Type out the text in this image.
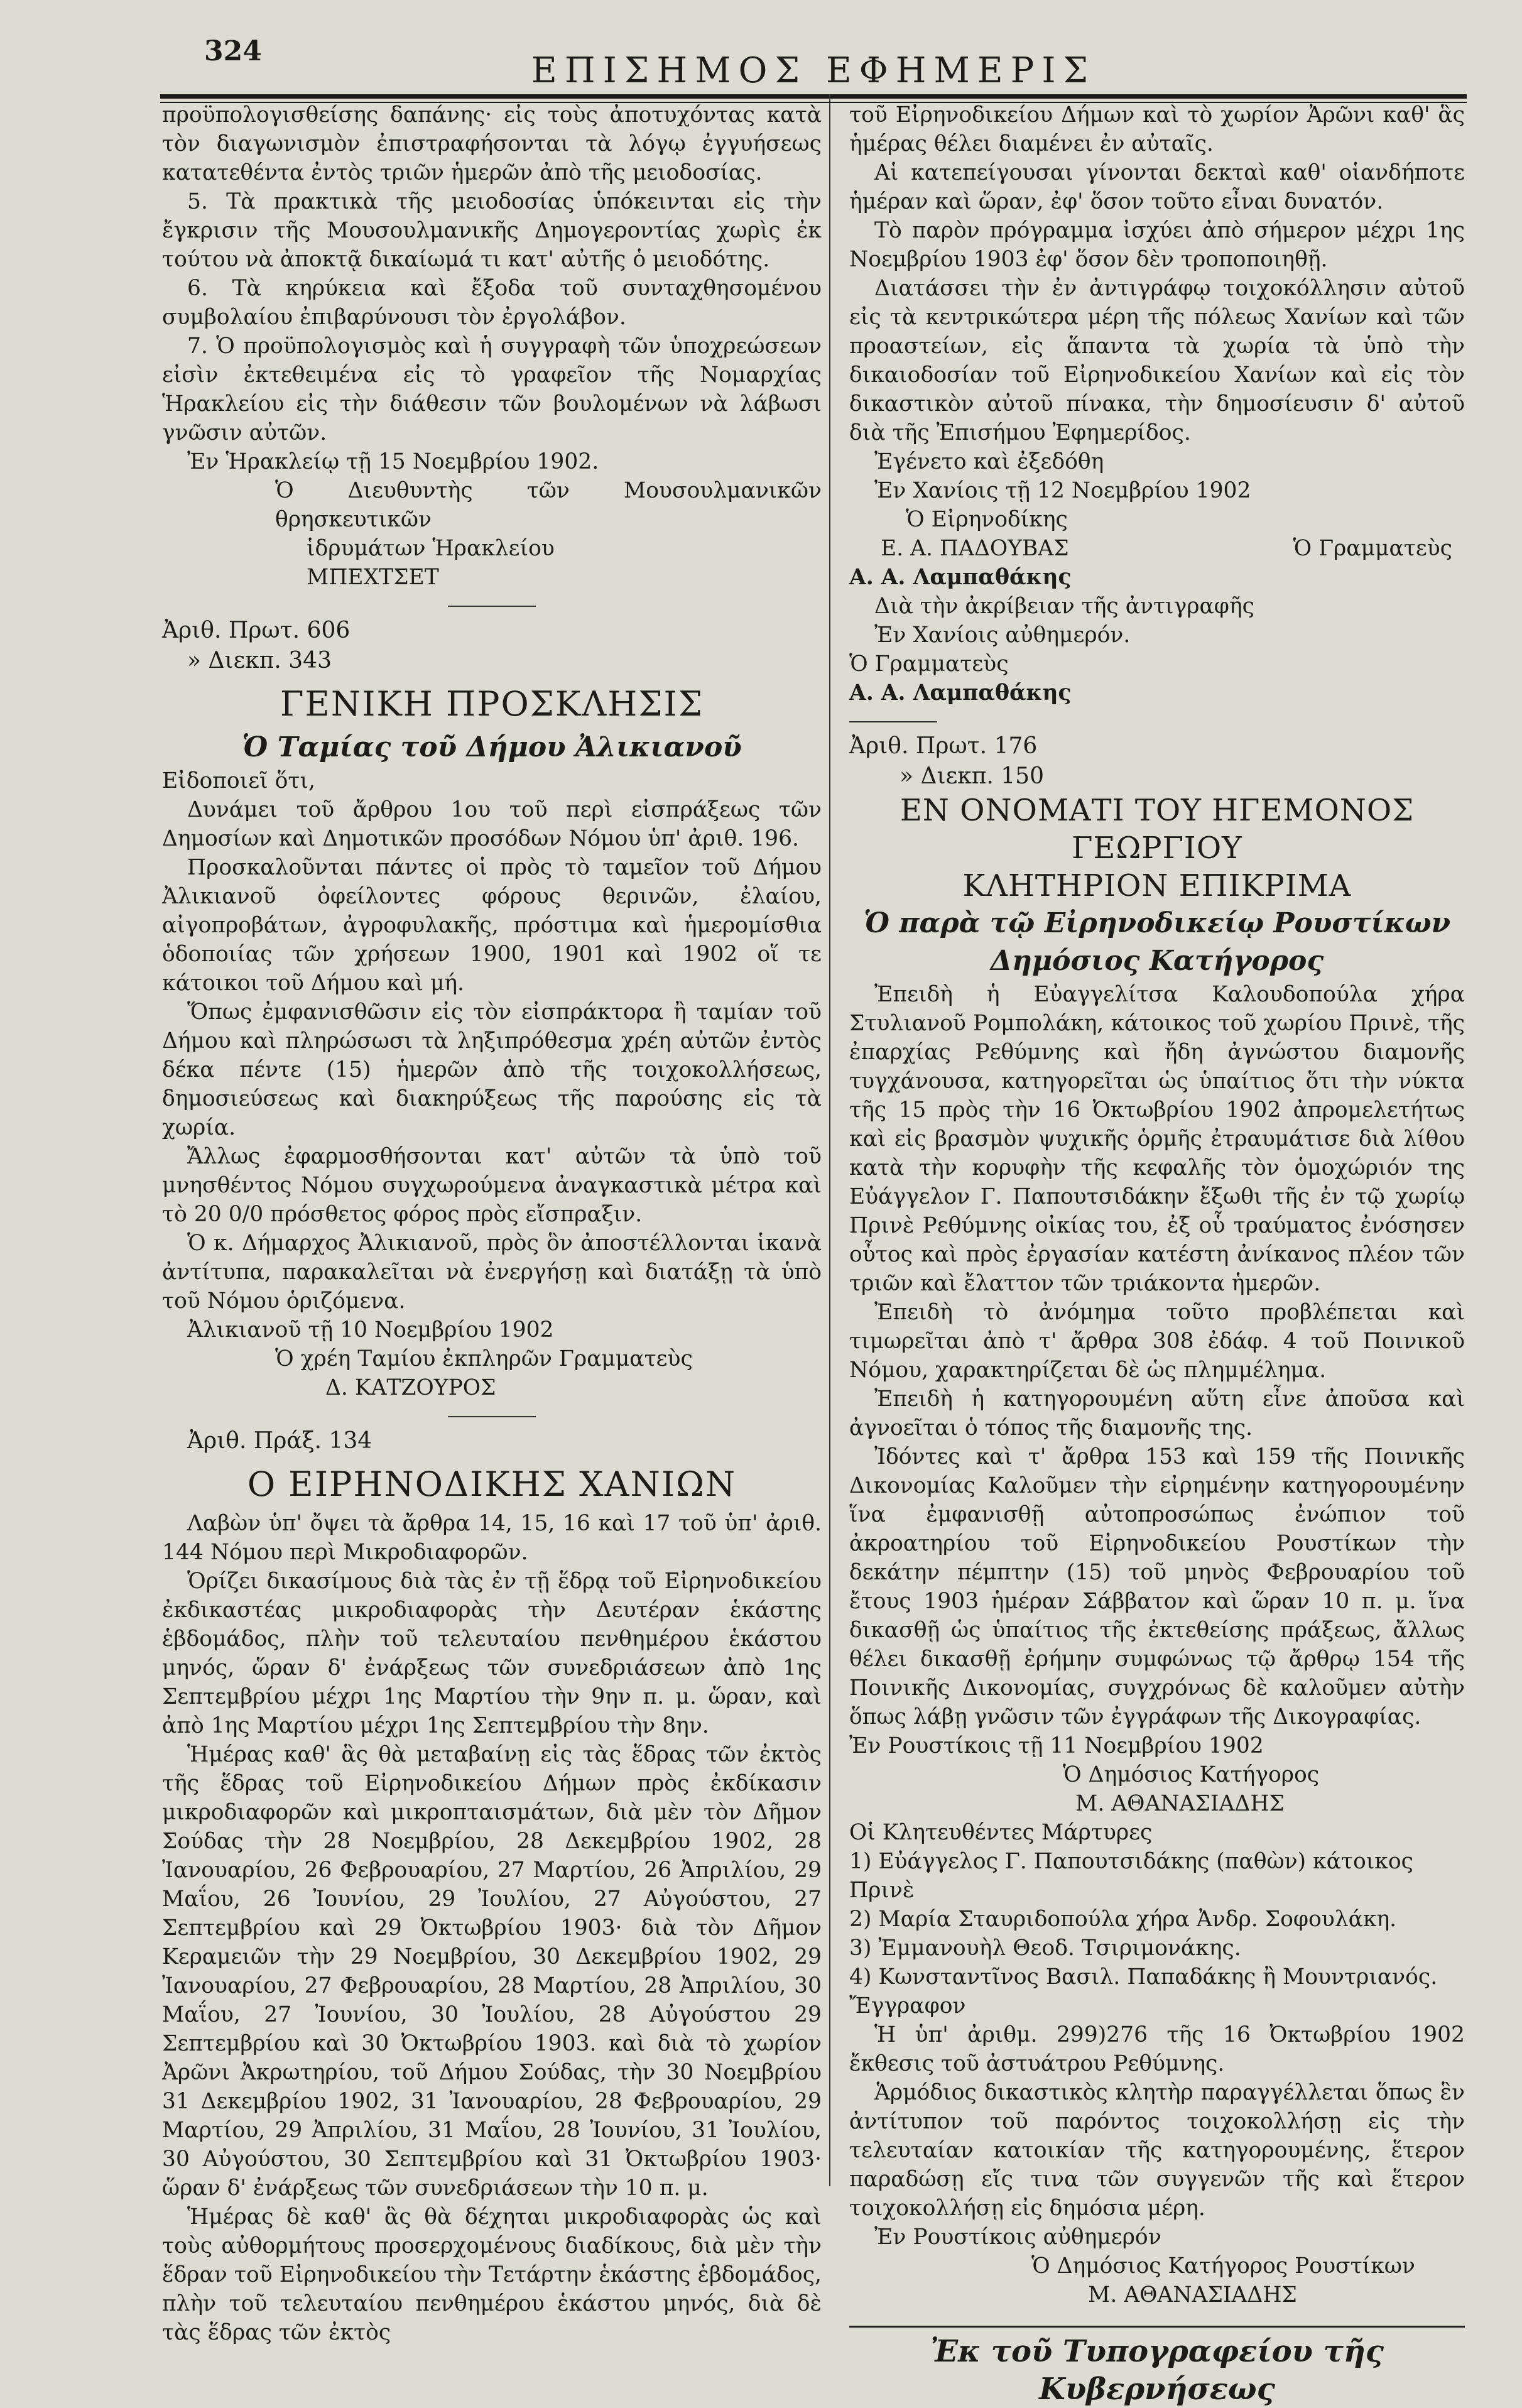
324	ΕΠΙΣΗΜΟΣ ΕΦΗΜΕΡΙΣ

προϋπολογισθείσης δαπάνης· εἰς τοὺς ἀποτυχόντας κατὰ τὸν διαγωνισμὸν ἐπιστραφήσονται τὰ λόγῳ ἐγγυήσεως κατατεθέντα ἐντὸς τριῶν ἡμερῶν ἀπὸ τῆς μειοδοσίας.

5. Τὰ πρακτικὰ τῆς μειοδοσίας ὑπόκεινται εἰς τὴν ἔγκρισιν τῆς Μουσουλμανικῆς Δημογεροντίας χωρὶς ἐκ τούτου νὰ ἀποκτᾷ δικαίωμά τι κατ' αὐτῆς ὁ μειοδότης.

6. Τὰ κηρύκεια καὶ ἔξοδα τοῦ συνταχθησομένου συμβολαίου ἐπιβαρύνουσι τὸν ἐργολάβον.

7. Ὁ προϋπολογισμὸς καὶ ἡ συγγραφὴ τῶν ὑποχρεώσεων εἰσὶν ἐκτεθειμένα εἰς τὸ γραφεῖον τῆς Νομαρχίας Ἡρακλείου εἰς τὴν διάθεσιν τῶν βουλομένων νὰ λάβωσι γνῶσιν αὐτῶν.

Ἐν Ἡρακλείῳ τῇ 15 Νοεμβρίου 1902.

Ὁ Διευθυντὴς τῶν Μουσουλμανικῶν θρησκευτικῶν

ἱδρυμάτων Ἡρακλείου

ΜΠΕΧΤΣΕΤ

Ἀριθ. Πρωτ. 606

» Διεκπ. 343

ΓΕΝΙΚΗ ΠΡΟΣΚΛΗΣΙΣ
Ὁ Ταμίας τοῦ Δήμου Ἀλικιανοῦ

Εἰδοποιεῖ ὅτι,

Δυνάμει τοῦ ἄρθρου 1ου τοῦ περὶ εἰσπράξεως τῶν Δημοσίων καὶ Δημοτικῶν προσόδων Νόμου ὑπ' ἀριθ. 196.

Προσκαλοῦνται πάντες οἱ πρὸς τὸ ταμεῖον τοῦ Δήμου Ἀλικιανοῦ ὀφείλοντες φόρους θερινῶν, ἐλαίου, αἰγοπροβάτων, ἀγροφυλακῆς, πρόστιμα καὶ ἡμερομίσθια ὁδοποιίας τῶν χρήσεων 1900, 1901 καὶ 1902 οἵ τε κάτοικοι τοῦ Δήμου καὶ μή.

Ὅπως ἐμφανισθῶσιν εἰς τὸν εἰσπράκτορα ἢ ταμίαν τοῦ Δήμου καὶ πληρώσωσι τὰ ληξιπρόθεσμα χρέη αὐτῶν ἐντὸς δέκα πέντε (15) ἡμερῶν ἀπὸ τῆς τοιχοκολλήσεως, δημοσιεύσεως καὶ διακηρύξεως τῆς παρούσης εἰς τὰ χωρία.

Ἄλλως ἐφαρμοσθήσονται κατ' αὐτῶν τὰ ὑπὸ τοῦ μνησθέντος Νόμου συγχωρούμενα ἀναγκαστικὰ μέτρα καὶ τὸ 20 0/0 πρόσθετος φόρος πρὸς εἴσπραξιν.

Ὁ κ. Δήμαρχος Ἀλικιανοῦ, πρὸς ὃν ἀποστέλλονται ἱκανὰ ἀντίτυπα, παρακαλεῖται νὰ ἐνεργήσῃ καὶ διατάξῃ τὰ ὑπὸ τοῦ Νόμου ὁριζόμενα.

Ἀλικιανοῦ τῇ 10 Νοεμβρίου 1902

Ὁ χρέη Ταμίου ἐκπληρῶν Γραμματεὺς

Δ. ΚΑΤΖΟΥΡΟΣ

Ἀριθ. Πράξ. 134

Ο ΕΙΡΗΝΟΔΙΚΗΣ ΧΑΝΙΩΝ

Λαβὼν ὑπ' ὄψει τὰ ἄρθρα 14, 15, 16 καὶ 17 τοῦ ὑπ' ἀριθ. 144 Νόμου περὶ Μικροδιαφορῶν.

Ὁρίζει δικασίμους διὰ τὰς ἐν τῇ ἕδρᾳ τοῦ Εἰρηνοδικείου ἐκδικαστέας μικροδιαφορὰς τὴν Δευτέραν ἑκάστης ἑβδομάδος, πλὴν τοῦ τελευταίου πενθημέρου ἑκάστου μηνός, ὥραν δ' ἐνάρξεως τῶν συνεδριάσεων ἀπὸ 1ης Σεπτεμβρίου μέχρι 1ης Μαρτίου τὴν 9ην π. μ. ὥραν, καὶ ἀπὸ 1ης Μαρτίου μέχρι 1ης Σεπτεμβρίου τὴν 8ην.

Ἡμέρας καθ' ἃς θὰ μεταβαίνῃ εἰς τὰς ἕδρας τῶν ἐκτὸς τῆς ἕδρας τοῦ Εἰρηνοδικείου Δήμων πρὸς ἐκδίκασιν μικροδιαφορῶν καὶ μικροπταισμάτων, διὰ μὲν τὸν Δῆμον Σούδας τὴν 28 Νοεμβρίου, 28 Δεκεμβρίου 1902, 28 Ἰανουαρίου, 26 Φεβρουαρίου, 27 Μαρτίου, 26 Ἀπριλίου, 29 Μαΐου, 26 Ἰουνίου, 29 Ἰουλίου, 27 Αὐγούστου, 27 Σεπτεμβρίου καὶ 29 Ὀκτωβρίου 1903· διὰ τὸν Δῆμον Κεραμειῶν τὴν 29 Νοεμβρίου, 30 Δεκεμβρίου 1902, 29 Ἰανουαρίου, 27 Φεβρουαρίου, 28 Μαρτίου, 28 Ἀπριλίου, 30 Μαΐου, 27 Ἰουνίου, 30 Ἰουλίου, 28 Αὐγούστου 29 Σεπτεμβρίου καὶ 30 Ὀκτωβρίου 1903. καὶ διὰ τὸ χωρίον Ἀρῶνι Ἀκρωτηρίου, τοῦ Δήμου Σούδας, τὴν 30 Νοεμβρίου 31 Δεκεμβρίου 1902, 31 Ἰανουαρίου, 28 Φεβρουαρίου, 29 Μαρτίου, 29 Ἀπριλίου, 31 Μαΐου, 28 Ἰουνίου, 31 Ἰουλίου, 30 Αὐγούστου, 30 Σεπτεμβρίου καὶ 31 Ὀκτωβρίου 1903· ὥραν δ' ἐνάρξεως τῶν συνεδριάσεων τὴν 10 π. μ.

Ἡμέρας δὲ καθ' ἃς θὰ δέχηται μικροδιαφορὰς ὡς καὶ τοὺς αὐθορμήτους προσερχομένους διαδίκους, διὰ μὲν τὴν ἕδραν τοῦ Εἰρηνοδικείου τὴν Τετάρτην ἑκάστης ἑβδομάδος, πλὴν τοῦ τελευταίου πενθημέρου ἑκάστου μηνός, διὰ δὲ τὰς ἕδρας τῶν ἐκτὸς

τοῦ Εἰρηνοδικείου Δήμων καὶ τὸ χωρίον Ἀρῶνι καθ' ἃς ἡμέρας θέλει διαμένει ἐν αὐταῖς.

Αἱ κατεπείγουσαι γίνονται δεκταὶ καθ' οἱανδήποτε ἡμέραν καὶ ὥραν, ἐφ' ὅσον τοῦτο εἶναι δυνατόν.

Τὸ παρὸν πρόγραμμα ἰσχύει ἀπὸ σήμερον μέχρι 1ης Νοεμβρίου 1903 ἐφ' ὅσον δὲν τροποποιηθῇ.

Διατάσσει τὴν ἐν ἀντιγράφῳ τοιχοκόλλησιν αὐτοῦ εἰς τὰ κεντρικώτερα μέρη τῆς πόλεως Χανίων καὶ τῶν προαστείων, εἰς ἅπαντα τὰ χωρία τὰ ὑπὸ τὴν δικαιοδοσίαν τοῦ Εἰρηνοδικείου Χανίων καὶ εἰς τὸν δικαστικὸν αὐτοῦ πίνακα, τὴν δημοσίευσιν δ' αὐτοῦ διὰ τῆς Ἐπισήμου Ἐφημερίδος.

Ἐγένετο καὶ ἐξεδόθη

Ἐν Χανίοις τῇ 12 Νοεμβρίου 1902

Ὁ Εἰρηνοδίκης

Ε. Α. ΠΑΔΟΥΒΑΣ	Ὁ Γραμματεὺς

Α. Α. Λαμπαθάκης

Διὰ τὴν ἀκρίβειαν τῆς ἀντιγραφῆς

Ἐν Χανίοις αὐθημερόν.

Ὁ Γραμματεὺς

Α. Α. Λαμπαθάκης

Ἀριθ. Πρωτ. 176

» Διεκπ. 150

ΕΝ ΟΝΟΜΑΤΙ ΤΟΥ ΗΓΕΜΟΝΟΣ ΓΕΩΡΓΙΟΥ
ΚΛΗΤΗΡΙΟΝ ΕΠΙΚΡΙΜΑ
Ὁ παρὰ τῷ Εἰρηνοδικείῳ Ρουστίκων
Δημόσιος Κατήγορος

Ἐπειδὴ ἡ Εὐαγγελίτσα Καλουδοπούλα χήρα Στυλιανοῦ Ρομπολάκη, κάτοικος τοῦ χωρίου Πρινὲ, τῆς ἐπαρχίας Ρεθύμνης καὶ ἤδη ἀγνώστου διαμονῆς τυγχάνουσα, κατηγορεῖται ὡς ὑπαίτιος ὅτι τὴν νύκτα τῆς 15 πρὸς τὴν 16 Ὀκτωβρίου 1902 ἀπρομελετήτως καὶ εἰς βρασμὸν ψυχικῆς ὁρμῆς ἐτραυμάτισε διὰ λίθου κατὰ τὴν κορυφὴν τῆς κεφαλῆς τὸν ὁμοχώριόν της Εὐάγγελον Γ. Παπουτσιδάκην ἔξωθι τῆς ἐν τῷ χωρίῳ Πρινὲ Ρεθύμνης οἰκίας του, ἐξ οὗ τραύματος ἐνόσησεν οὗτος καὶ πρὸς ἐργασίαν κατέστη ἀνίκανος πλέον τῶν τριῶν καὶ ἔλαττον τῶν τριάκοντα ἡμερῶν.

Ἐπειδὴ τὸ ἀνόμημα τοῦτο προβλέπεται καὶ τιμωρεῖται ἀπὸ τ' ἄρθρα 308 ἐδάφ. 4 τοῦ Ποινικοῦ Νόμου, χαρακτηρίζεται δὲ ὡς πλημμέλημα.

Ἐπειδὴ ἡ κατηγορουμένη αὕτη εἶνε ἀποῦσα καὶ ἀγνοεῖται ὁ τόπος τῆς διαμονῆς της.

Ἰδόντες καὶ τ' ἄρθρα 153 καὶ 159 τῆς Ποινικῆς Δικονομίας Καλοῦμεν τὴν εἰρημένην κατηγορουμένην ἵνα ἐμφανισθῇ αὐτοπροσώπως ἐνώπιον τοῦ ἀκροατηρίου τοῦ Εἰρηνοδικείου Ρουστίκων τὴν δεκάτην πέμπτην (15) τοῦ μηνὸς Φεβρουαρίου τοῦ ἔτους 1903 ἡμέραν Σάββατον καὶ ὥραν 10 π. μ. ἵνα δικασθῇ ὡς ὑπαίτιος τῆς ἐκτεθείσης πράξεως, ἄλλως θέλει δικασθῇ ἐρήμην συμφώνως τῷ ἄρθρῳ 154 τῆς Ποινικῆς Δικονομίας, συγχρόνως δὲ καλοῦμεν αὐτὴν ὅπως λάβῃ γνῶσιν τῶν ἐγγράφων τῆς Δικογραφίας.

Ἐν Ρουστίκοις τῇ 11 Νοεμβρίου 1902

Ὁ Δημόσιος Κατήγορος

Μ. ΑΘΑΝΑΣΙΑΔΗΣ

Οἱ Κλητευθέντες Μάρτυρες

1) Εὐάγγελος Γ. Παπουτσιδάκης (παθὼν) κάτοικος Πρινὲ
2) Μαρία Σταυριδοπούλα χήρα Ἀνδρ. Σοφουλάκη.
3) Ἐμμανουὴλ Θεοδ. Τσιριμονάκης.
4) Κωνσταντῖνος Βασιλ. Παπαδάκης ἢ Μουντριανός.

Ἔγγραφον

Ἡ ὑπ' ἀριθμ. 299)276 τῆς 16 Ὀκτωβρίου 1902 ἔκθεσις τοῦ ἀστυάτρου Ρεθύμνης.

Ἁρμόδιος δικαστικὸς κλητὴρ παραγγέλλεται ὅπως ἓν ἀντίτυπον τοῦ παρόντος τοιχοκολλήσῃ εἰς τὴν τελευταίαν κατοικίαν τῆς κατηγορουμένης, ἕτερον παραδώσῃ εἴς τινα τῶν συγγενῶν τῆς καὶ ἕτερον τοιχοκολλήσῃ εἰς δημόσια μέρη.

Ἐν Ρουστίκοις αὐθημερόν

Ὁ Δημόσιος Κατήγορος Ρουστίκων

Μ. ΑΘΑΝΑΣΙΑΔΗΣ

Ἐκ τοῦ Τυπογραφείου τῆς Κυβερνήσεως
